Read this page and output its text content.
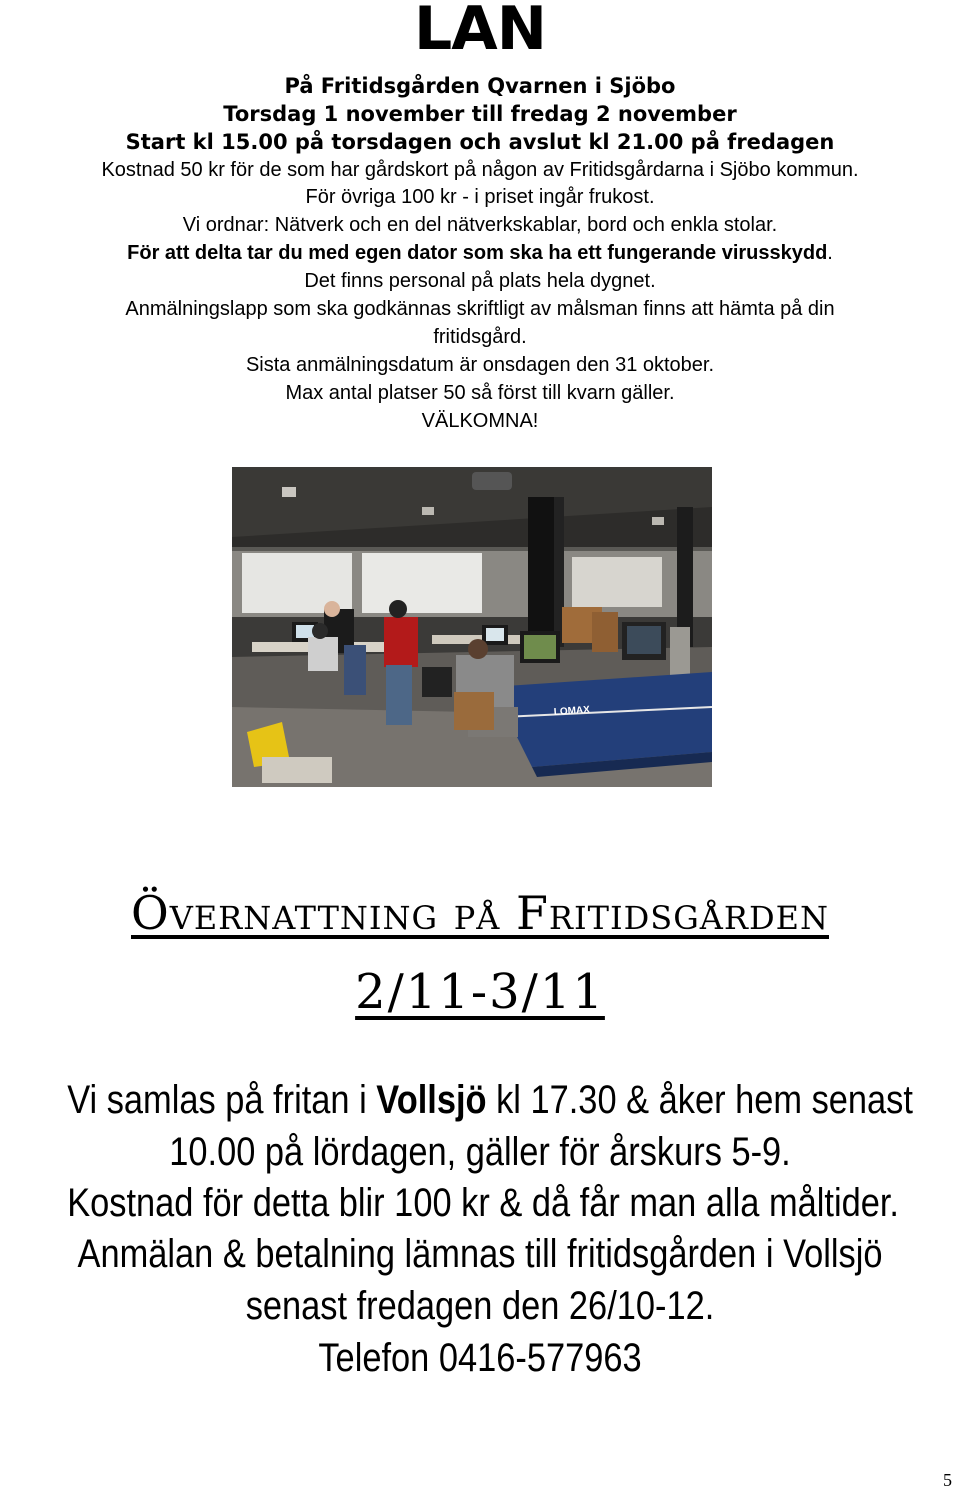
LAN
På Fritidsgården Qvarnen i Sjöbo
Torsdag 1 november till fredag 2 november
Start kl 15.00 på torsdagen och avslut kl 21.00 på fredagen
Kostnad 50 kr för de som har gårdskort på någon av Fritidsgårdarna i Sjöbo kommun.
För övriga 100 kr - i priset ingår frukost.
Vi ordnar: Nätverk och en del nätverkskablar, bord och enkla stolar.
För att delta tar du med egen dator som ska ha ett fungerande virusskydd.
Det finns personal på plats hela dygnet.
Anmälningslapp som ska godkännas skriftligt av målsman finns att hämta på din
fritidsgård.
Sista anmälningsdatum är onsdagen den 31 oktober.
Max antal platser 50 så först till kvarn gäller.
VÄLKOMNA!
LOMAX
Övernattning på Fritidsgården
2/11-3/11
Vi samlas på fritan i Vollsjö kl 17.30 & åker hem senast
10.00 på lördagen, gäller för årskurs 5-9.
Kostnad för detta blir 100 kr & då får man alla måltider.
Anmälan & betalning lämnas till fritidsgården i Vollsjö
senast fredagen den 26/10-12.
Telefon 0416-577963
5
